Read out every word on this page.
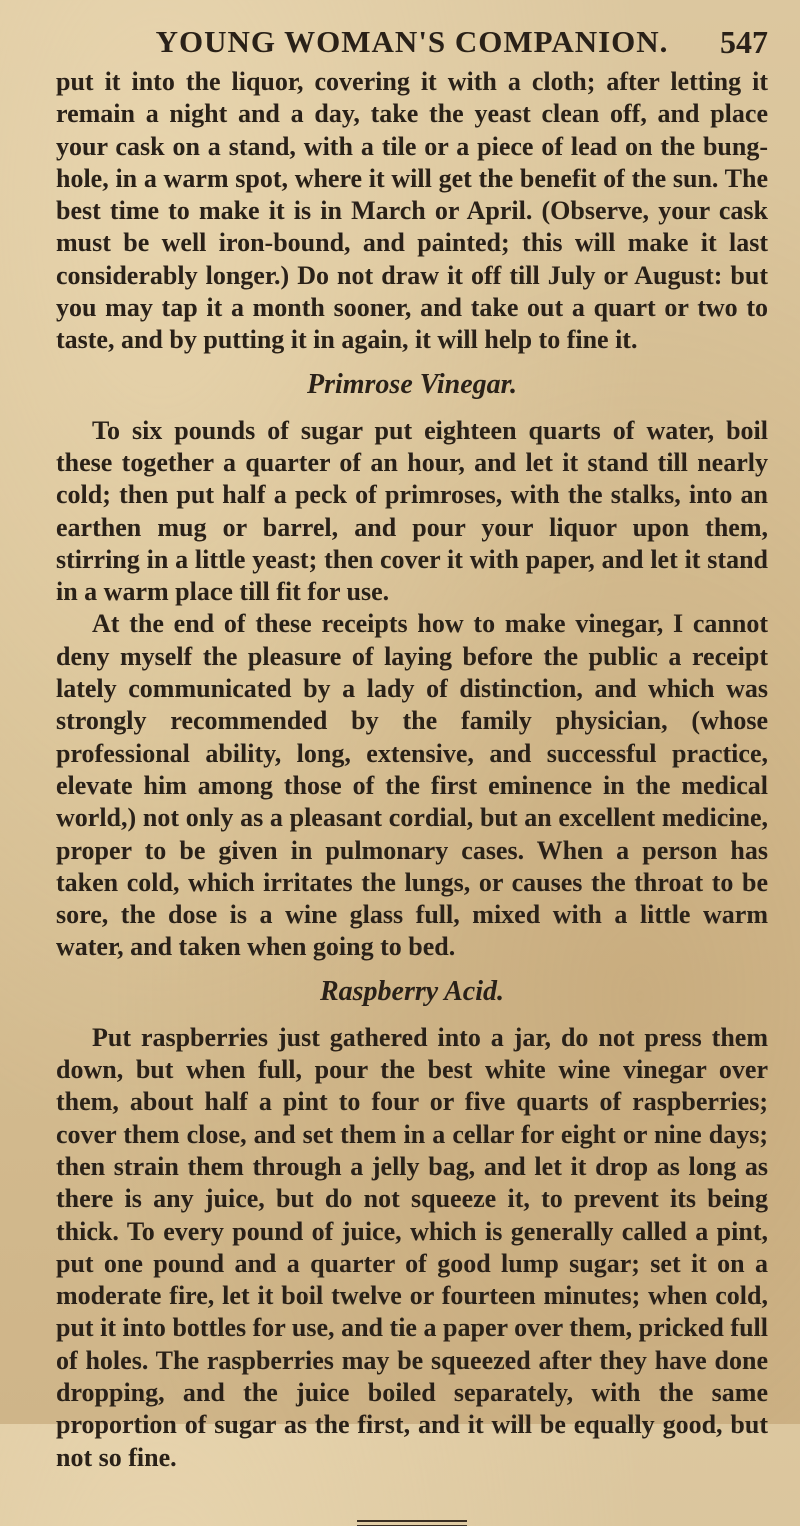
YOUNG WOMAN'S COMPANION. 547

put it into the liquor, covering it with a cloth; after letting it remain a night and a day, take the yeast clean off, and place your cask on a stand, with a tile or a piece of lead on the bung-hole, in a warm spot, where it will get the benefit of the sun. The best time to make it is in March or April. (Observe, your cask must be well iron-bound, and painted; this will make it last considerably longer.) Do not draw it off till July or August: but you may tap it a month sooner, and take out a quart or two to taste, and by putting it in again, it will help to fine it.

Primrose Vinegar.

To six pounds of sugar put eighteen quarts of water, boil these together a quarter of an hour, and let it stand till nearly cold; then put half a peck of primroses, with the stalks, into an earthen mug or barrel, and pour your liquor upon them, stirring in a little yeast; then cover it with paper, and let it stand in a warm place till fit for use.

At the end of these receipts how to make vinegar, I cannot deny myself the pleasure of laying before the public a receipt lately communicated by a lady of distinction, and which was strongly recommended by the family physician, (whose professional ability, long, extensive, and successful practice, elevate him among those of the first eminence in the medical world,) not only as a pleasant cordial, but an excellent medicine, proper to be given in pulmonary cases. When a person has taken cold, which irritates the lungs, or causes the throat to be sore, the dose is a wine glass full, mixed with a little warm water, and taken when going to bed.

Raspberry Acid.

Put raspberries just gathered into a jar, do not press them down, but when full, pour the best white wine vinegar over them, about half a pint to four or five quarts of raspberries; cover them close, and set them in a cellar for eight or nine days; then strain them through a jelly bag, and let it drop as long as there is any juice, but do not squeeze it, to prevent its being thick. To every pound of juice, which is generally called a pint, put one pound and a quarter of good lump sugar; set it on a moderate fire, let it boil twelve or fourteen minutes; when cold, put it into bottles for use, and tie a paper over them, pricked full of holes. The raspberries may be squeezed after they have done dropping, and the juice boiled separately, with the same proportion of sugar as the first, and it will be equally good, but not so fine.
